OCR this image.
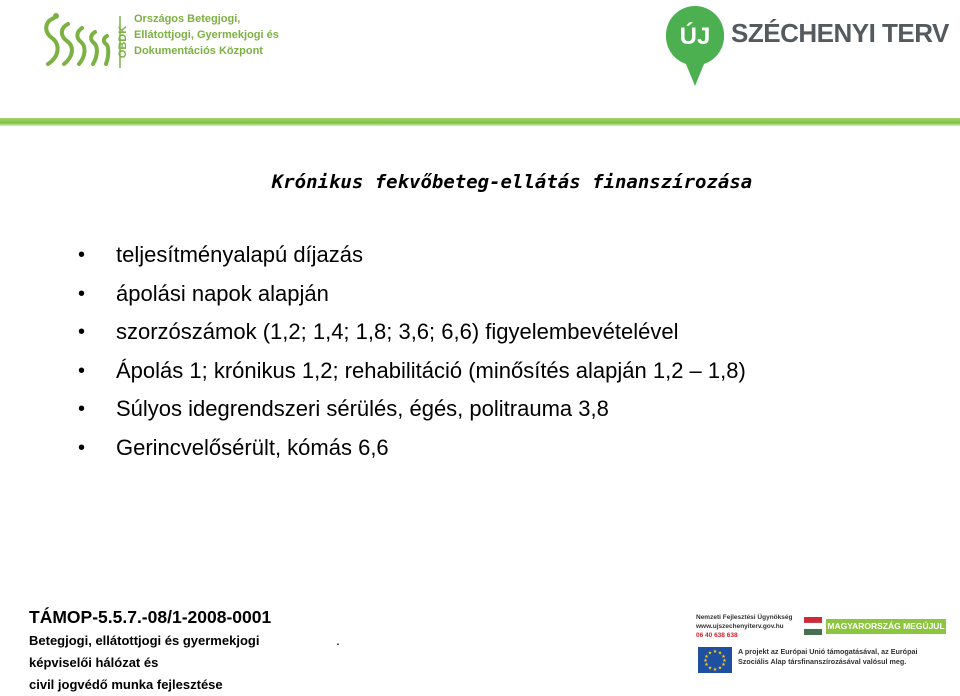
OBDK
Országos Betegjogi,
Ellátottjogi, Gyermekjogi és
Dokumentációs Központ
ÚJ SZÉCHENYI TERV
Krónikus fekvőbeteg-ellátás finanszírozása
• teljesítményalapú díjazás
• ápolási napok alapján
• szorzószámok (1,2; 1,4; 1,8; 3,6; 6,6) figyelembevételével
• Ápolás 1; krónikus 1,2; rehabilitáció (minősítés alapján 1,2 – 1,8)
• Súlyos idegrendszeri sérülés, égés, politrauma 3,8
• Gerincvelősérült, kómás 6,6
TÁMOP-5.5.7.-08/1-2008-0001
Betegjogi, ellátottjogi és gyermekjogi
képviselői hálózat és
civil jogvédő munka fejlesztése
.
Nemzeti Fejlesztési Ügynökség
www.ujszechenyiterv.gov.hu
06 40 638 638
MAGYARORSZÁG MEGÚJUL
★ ★
★
★
★
★
★
★
★
★
★
★	A projekt az Európai Unió támogatásával, az Európai
Szociális Alap társfinanszírozásával valósul meg.
